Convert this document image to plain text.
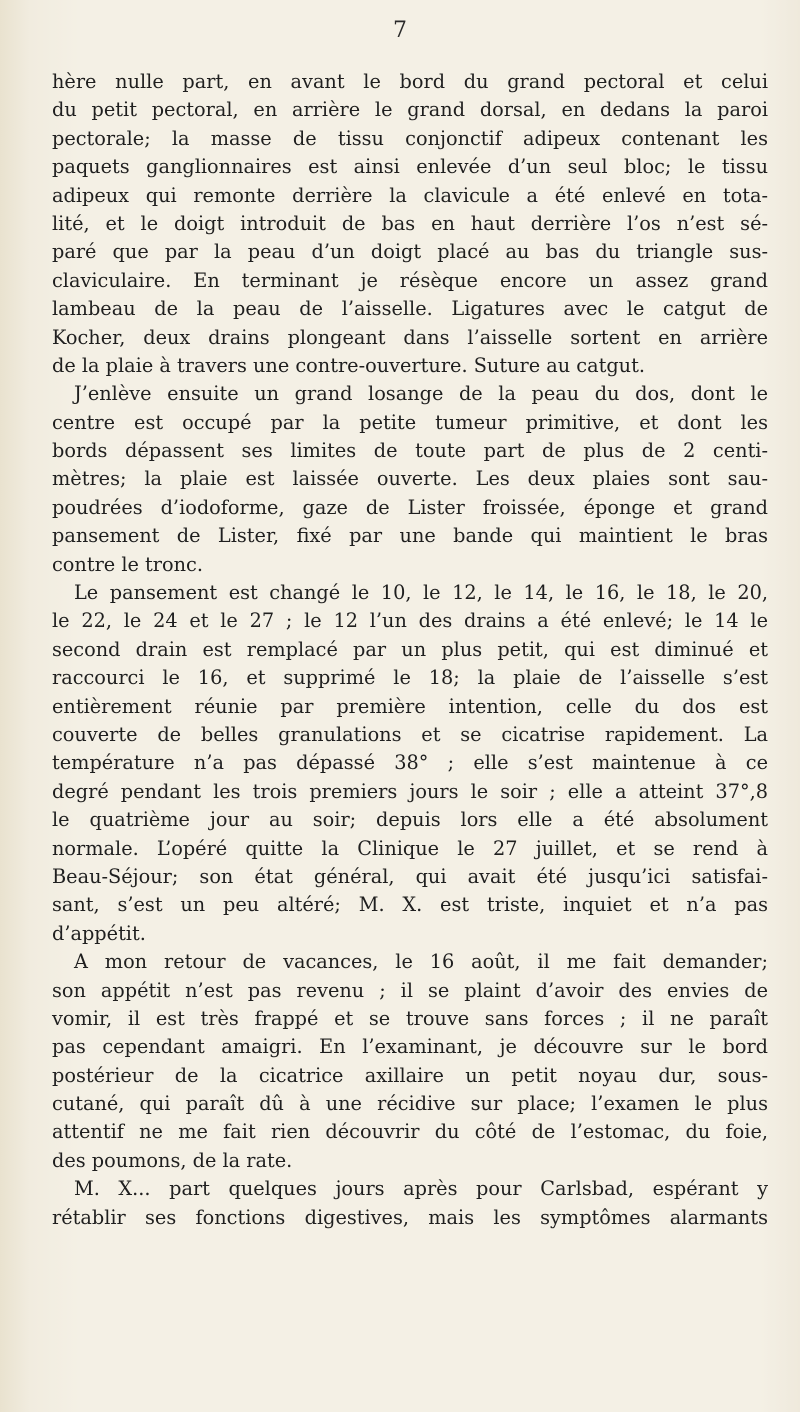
7

hère nulle part, en avant le bord du grand pectoral et celui
du petit pectoral, en arrière le grand dorsal, en dedans la paroi
pectorale; la masse de tissu conjonctif adipeux contenant les
paquets ganglionnaires est ainsi enlevée d’un seul bloc; le tissu
adipeux qui remonte derrière la clavicule a été enlevé en tota-
lité, et le doigt introduit de bas en haut derrière l’os n’est sé-
paré que par la peau d’un doigt placé au bas du triangle sus-
claviculaire. En terminant je résèque encore un assez grand
lambeau de la peau de l’aisselle. Ligatures avec le catgut de
Kocher, deux drains plongeant dans l’aisselle sortent en arrière
de la plaie à travers une contre-ouverture. Suture au catgut.
J’enlève ensuite un grand losange de la peau du dos, dont le
centre est occupé par la petite tumeur primitive, et dont les
bords dépassent ses limites de toute part de plus de 2 centi-
mètres; la plaie est laissée ouverte. Les deux plaies sont sau-
poudrées d’iodoforme, gaze de Lister froissée, éponge et grand
pansement de Lister, fixé par une bande qui maintient le bras
contre le tronc.
Le pansement est changé le 10, le 12, le 14, le 16, le 18, le 20,
le 22, le 24 et le 27 ; le 12 l’un des drains a été enlevé; le 14 le
second drain est remplacé par un plus petit, qui est diminué et
raccourci le 16, et supprimé le 18; la plaie de l’aisselle s’est
entièrement réunie par première intention, celle du dos est
couverte de belles granulations et se cicatrise rapidement. La
température n’a pas dépassé 38° ; elle s’est maintenue à ce
degré pendant les trois premiers jours le soir ; elle a atteint 37°,8
le quatrième jour au soir; depuis lors elle a été absolument
normale. L’opéré quitte la Clinique le 27 juillet, et se rend à
Beau-Séjour; son état général, qui avait été jusqu’ici satisfai-
sant, s’est un peu altéré; M. X. est triste, inquiet et n’a pas
d’appétit.
A mon retour de vacances, le 16 août, il me fait demander;
son appétit n’est pas revenu ; il se plaint d’avoir des envies de
vomir, il est très frappé et se trouve sans forces ; il ne paraît
pas cependant amaigri. En l’examinant, je découvre sur le bord
postérieur de la cicatrice axillaire un petit noyau dur, sous-
cutané, qui paraît dû à une récidive sur place; l’examen le plus
attentif ne me fait rien découvrir du côté de l’estomac, du foie,
des poumons, de la rate.
M. X... part quelques jours après pour Carlsbad, espérant y
rétablir ses fonctions digestives, mais les symptômes alarmants
